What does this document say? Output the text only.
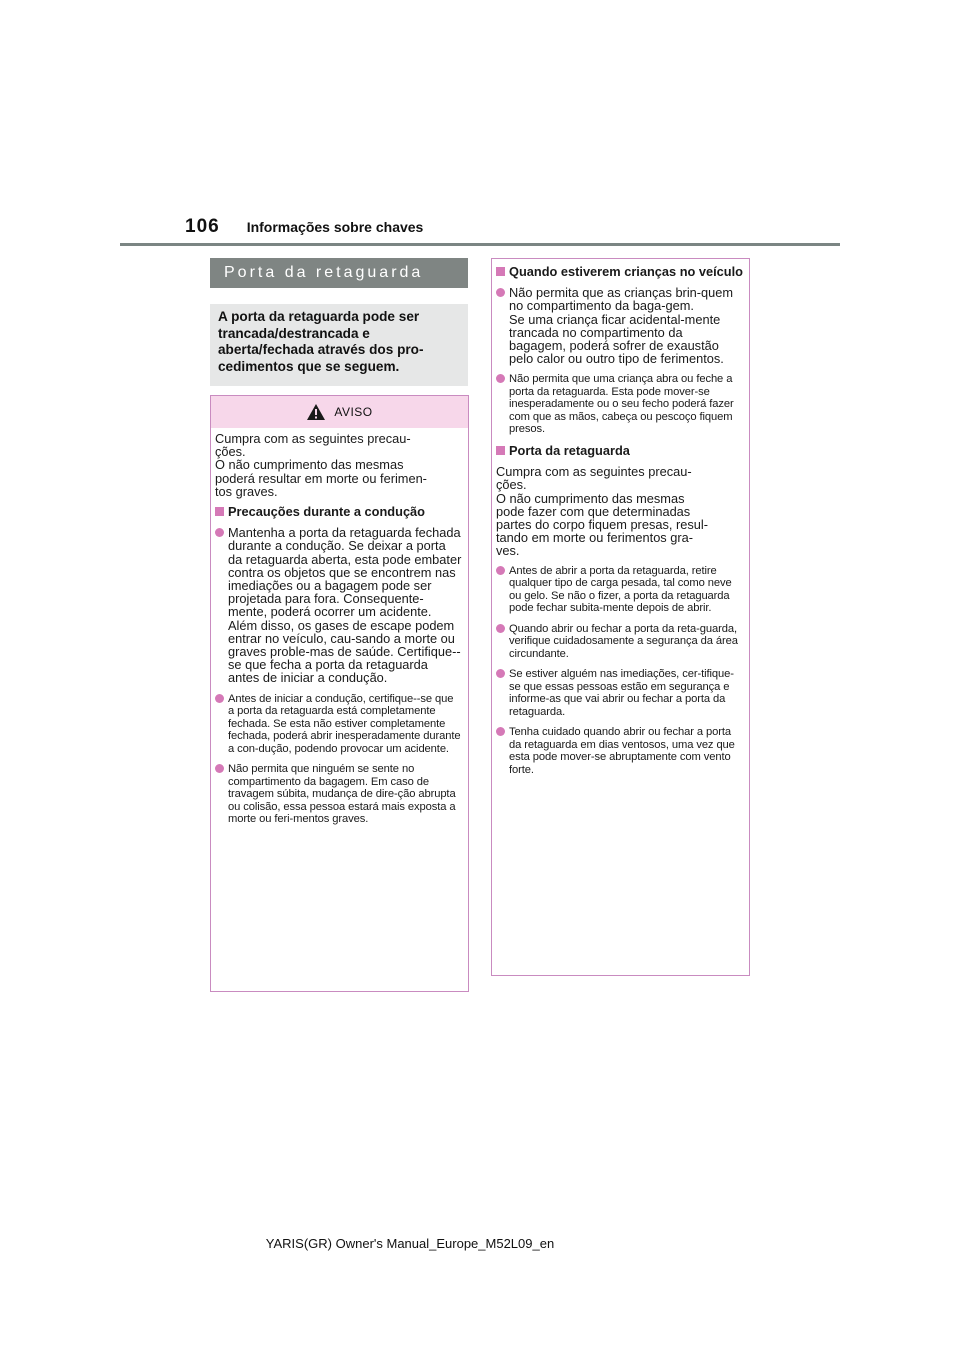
106 Informações sobre chaves
Porta da retaguarda
A porta da retaguarda pode ser trancada/destrancada e aberta/fechada através dos pro-cedimentos que se seguem.
AVISO

Cumpra com as seguintes precau-
ções.
O não cumprimento das mesmas
poderá resultar em morte ou ferimen-
tos graves.

Precauções durante a condução
Mantenha a porta da retaguarda fechada durante a condução. Se deixar a porta da retaguarda aberta, esta pode embater contra os objetos que se encontrem nas imediações ou a bagagem pode ser projetada para fora. Consequente-mente, poderá ocorrer um acidente. Além disso, os gases de escape podem entrar no veículo, cau-sando a morte ou graves proble-mas de saúde. Certifique--se que fecha a porta da retaguarda antes de iniciar a condução.
Antes de iniciar a condução, certifique--se que a porta da retaguarda está completamente fechada. Se esta não estiver completamente fechada, poderá abrir inesperadamente durante a con-dução, podendo provocar um acidente.
Não permita que ninguém se sente no compartimento da bagagem. Em caso de travagem súbita, mudança de dire-ção abrupta ou colisão, essa pessoa estará mais exposta a morte ou feri-mentos graves.
Quando estiverem crianças no veículo
Não permita que as crianças brin-quem no compartimento da baga-gem.
Se uma criança ficar acidental-mente trancada no compartimento da bagagem, poderá sofrer de exaustão pelo calor ou outro tipo de ferimentos.
Não permita que uma criança abra ou feche a porta da retaguarda. Esta pode mover-se inesperadamente ou o seu fecho poderá fazer com que as mãos, cabeça ou pescoço fiquem presos.
Porta da retaguarda

Cumpra com as seguintes precau-
ções.
O não cumprimento das mesmas
pode fazer com que determinadas
partes do corpo fiquem presas, resul-
tando em morte ou ferimentos gra-
ves.

Antes de abrir a porta da retaguarda, retire qualquer tipo de carga pesada, tal como neve ou gelo. Se não o fizer, a porta da retaguarda pode fechar subita-mente depois de abrir.
Quando abrir ou fechar a porta da reta-guarda, verifique cuidadosamente a segurança da área circundante.
Se estiver alguém nas imediações, cer-tifique-se que essas pessoas estão em segurança e informe-as que vai abrir ou fechar a porta da retaguarda.
Tenha cuidado quando abrir ou fechar a porta da retaguarda em dias ventosos, uma vez que esta pode mover-se abruptamente com vento forte.
YARIS(GR) Owner's Manual_Europe_M52L09_en
